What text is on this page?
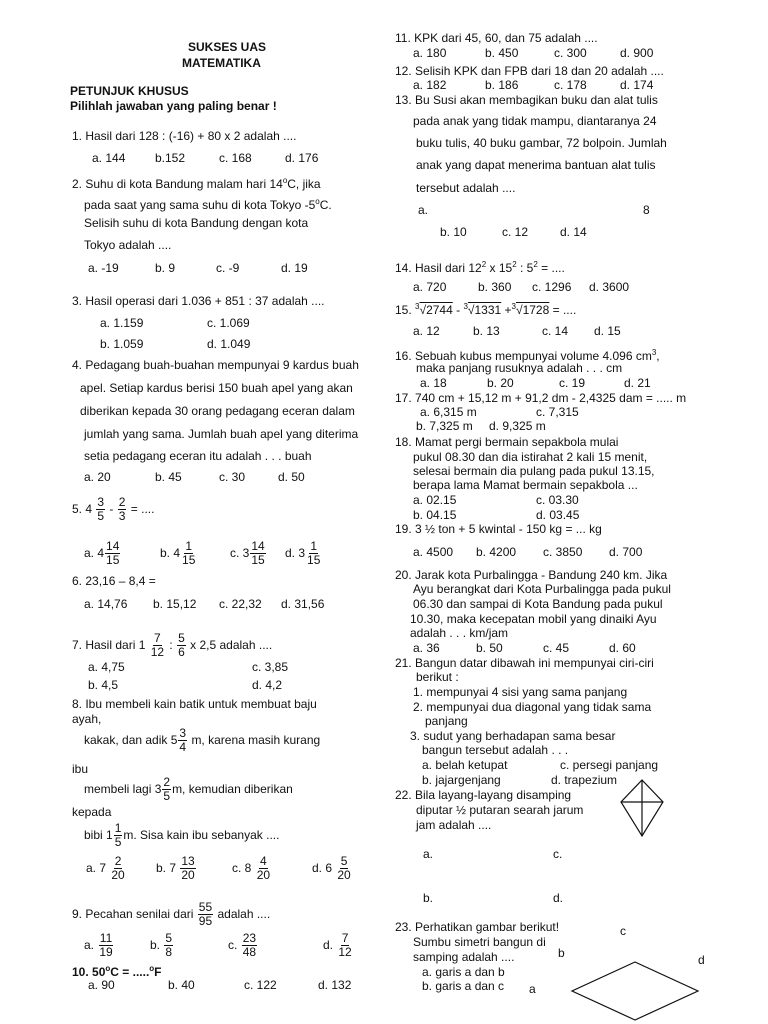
SUKSES UAS
MATEMATIKA
PETUNJUK KHUSUS
Pilihlah jawaban yang paling benar !
1. Hasil dari 128 : (-16) + 80 x 2 adalah ....
a. 144 b.152	c. 168	d. 176
2. Suhu di kota Bandung malam hari 14$^o$C, jika
pada saat yang sama suhu di kota Tokyo -5$^o$C.
Selisih suhu di kota Bandung dengan kota
Tokyo adalah ....
a. -19	b. 9	c. -9	d. 19
3. Hasil operasi dari 1.036 + 851 : 37 adalah ....
a. 1.159	c. 1.069
b. 1.059	d. 1.049
4. Pedagang buah-buahan mempunyai 9 kardus buah
apel. Setiap kardus berisi 150 buah apel yang akan
diberikan kepada 30 orang pedagang eceran dalam
jumlah yang sama. Jumlah buah apel yang diterima
setia pedagang eceran itu adalah . . . buah
a. 20	b. 45	c. 30	d. 50
5. $4 \frac{3}{5} - \frac{2}{3}$ = ....
a. $4 \frac{14}{15}$	b. $4 \frac{1}{15}$	c. $3 \frac{14}{15} d$. $3 \frac{1}{15}$
6. 23,16 – 8,4 =
a. 14,76 b. 15,12 c. 22,32 d. 31,56
7. Hasil dari $1 \frac{7}{12}$ : $\frac{5}{6}$ x 2,5 adalah ....
a. 4,75	c. 3,85
b. 4,5	d. 4,2
8. Ibu membeli kain batik untuk membuat baju
ayah,
kakak, dan adik $5 \frac{3}{4} m$, karena masih kurang
ibu
membeli lagi $3 \frac{2}{5} m$, kemudian diberikan
kepada
bibi $1 \frac{1}{5} m$. Sisa kain ibu sebanyak ....
a. $7 \frac{2}{20}$	b. $7 \frac{13}{20}$	c. $8 \frac{4}{20}$	d. $6 \frac{5}{20}$
9. Pecahan senilai dari $\frac{55}{95}$ adalah ....
a. $\frac{11}{19}$	b. $\frac{5}{8}$	c. $\frac{23}{48}$	d. $\frac{7}{12}$
10. $50^oC = .....^oF$
a. 90	b. 40	c. 122	d. 132
11. KPK dari 45, 60, dan 75 adalah ....
a. 180	b. 450	c. 300	d. 900
12. Selisih KPK dan FPB dari 18 dan 20 adalah ....
a. 182	b. 186	c. 178	d. 174
13. Bu Susi akan membagikan buku dan alat tulis
pada anak yang tidak mampu, diantaranya 24
buku tulis, 40 buku gambar, 72 bolpoin. Jumlah
anak yang dapat menerima bantuan alat tulis
tersebut adalah ....
a.	8
b. 10	c. 12	d. 14
14. Hasil dari $12^2$ x $15^2$ : $5^2$ = ....
a. 720	b. 360 c. 1296 d. 3600
15. $^3$√2744 - $^3$√1331 +$^3$√1728 = ....
a. 12	b. 13	c. 14 d. 15
16. Sebuah kubus mempunyai volume 4.096 $cm^3$,
maka panjang rusuknya adalah . . . cm
a. 18	b. 20	c. 19	d. 21
17. 740 cm + 15,12 m + 91,2 dm - 2,4325 dam = ..... m
a. 6,315 m	c. 7,315
b. 7,325 m d. 9,325 m
18. Mamat pergi bermain sepakbola mulai
pukul 08.30 dan dia istirahat 2 kali 15 menit,
selesai bermain dia pulang pada pukul 13.15,
berapa lama Mamat bermain sepakbola ...
a. 02.15	c. 03.30
b. 04.15	d. 03.45
19. 3 ½ ton + 5 kwintal - 150 kg = ... kg
a. 4500 b. 4200 c. 3850 d. 700
20. Jarak kota Purbalingga - Bandung 240 km. Jika
Ayu berangkat dari Kota Purbalingga pada pukul
06.30 dan sampai di Kota Bandung pada pukul
10.30, maka kecepatan mobil yang dinaiki Ayu
adalah . . . km/jam
a. 36	b. 50	c. 45	d. 60
21. Bangun datar dibawah ini mempunyai ciri-ciri
berikut :
1. mempunyai 4 sisi yang sama panjang
2. mempunyai dua diagonal yang tidak sama
panjang
3. sudut yang berhadapan sama besar
bangun tersebut adalah . . .
a. belah ketupat	c. persegi panjang
b. jajargenjang	d. trapezium
22. Bila layang-layang disamping
diputar ½ putaran searah jarum
jam adalah ....
a.	c.
b.	d.
23. Perhatikan gambar berikut!
Sumbu simetri bangun di
samping adalah ....
a. garis a dan b
b. garis a dan c
c
b	d
a
